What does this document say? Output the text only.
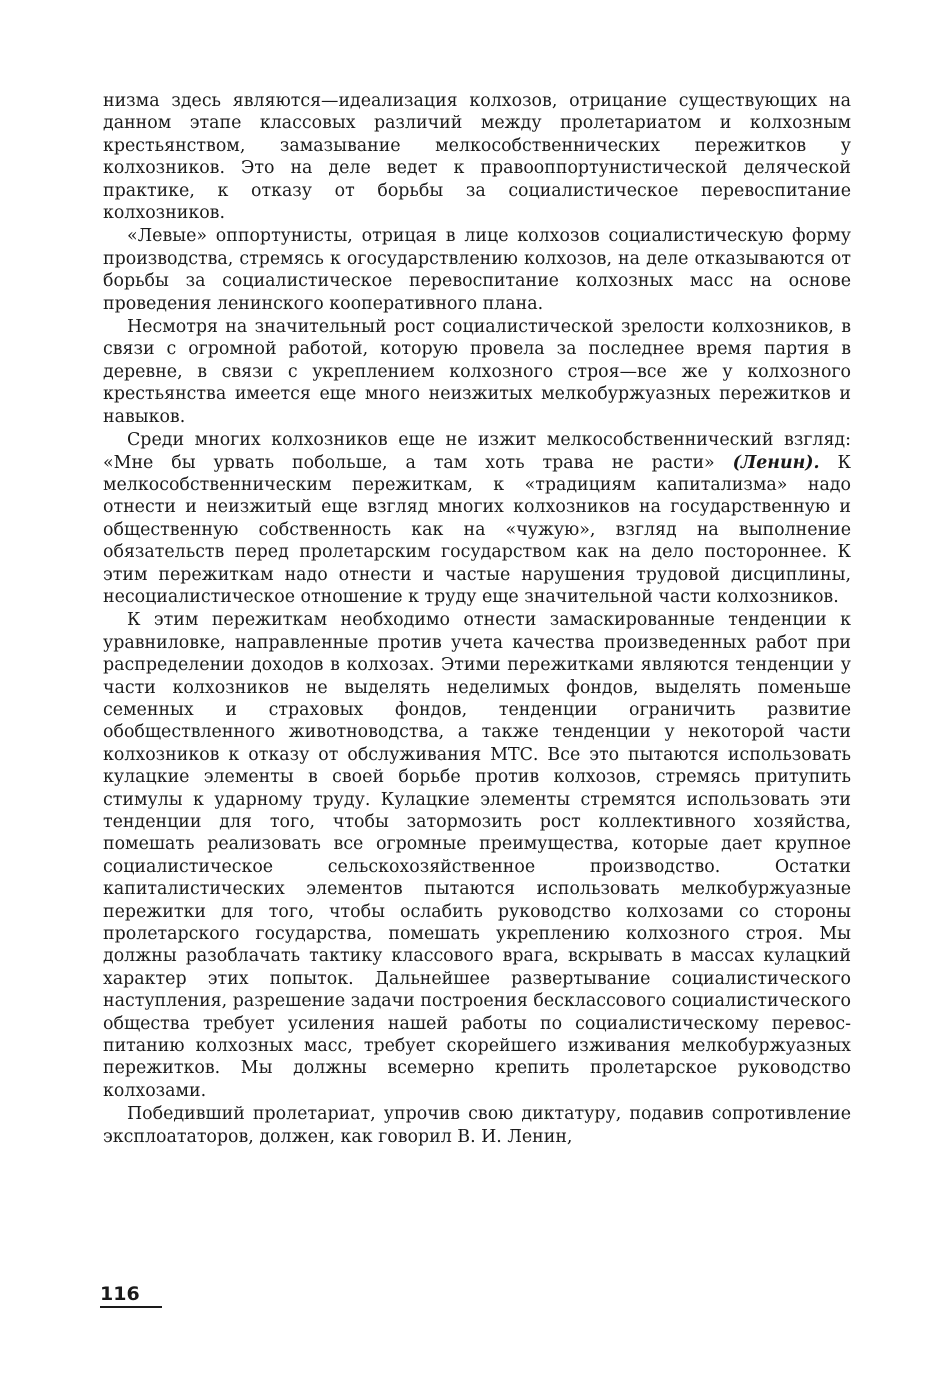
низма здесь являются—идеализация колхозов, отрицание существующих на данном этапе классовых различий между пролетариатом и колхозным крестьянством, замазывание мелкособственнических пережитков у колхозников. Это на деле ведет к правооппортунистической деляческой практике, к отказу от борьбы за социалистическое перевоспитание колхозников.

«Левые» оппортунисты, отрицая в лице колхозов социалистическую форму производства, стремясь к огосударствлению колхозов, на деле отказываются от борьбы за социалистическое перевоспитание колхозных масс на основе проведения ленинского кооперативного плана.

Несмотря на значительный рост социалистической зрелости колхозников, в связи с огромной работой, которую провела за последнее время партия в деревне, в связи с укреплением колхозного строя—все же у колхозного крестьянства имеется еще много неизжитых мелкобуржуазных пережитков и навыков.

Среди многих колхозников еще не изжит мелкособственнический взгляд: «Мне бы урвать побольше, а там хоть трава не расти» (Ленин). К мелкособственническим пережиткам, к «традициям капитализма» надо отнести и неизжитый еще взгляд многих колхозников на государственную и общественную собственность как на «чужую», взгляд на выполнение обязательств перед пролетарским государством как на дело постороннее. К этим пережиткам надо отнести и частые нарушения трудовой дисциплины, несоциалистическое отношение к труду еще значительной части колхозников.

К этим пережиткам необходимо отнести замаскированные тенденции к уравниловке, направленные против учета качества произведенных работ при распределении доходов в колхозах. Этими пережитками являются тенденции у части колхозников не выделять неделимых фондов, выделять поменьше семенных и страховых фондов, тенденции ограничить развитие обобществленного животноводства, а также тенденции у некоторой части колхозников к отказу от обслуживания МТС. Все это пытаются использовать кулацкие элементы в своей борьбе против колхозов, стремясь притупить стимулы к ударному труду. Кулацкие элементы стремятся использовать эти тенденции для того, чтобы затормозить рост коллективного хозяйства, помешать реализовать все огромные преимущества, которые дает крупное социалистическое сельскохозяйственное производство. Остатки капиталистических элементов пытаются использовать мелкобуржуазные пережитки для того, чтобы ослабить руководство колхозами со стороны пролетарского государства, помешать укреплению колхозного строя. Мы должны разоблачать тактику классового врага, вскрывать в массах кулацкий характер этих попыток. Дальнейшее развертывание социалистического наступления, разрешение задачи построения бесклассового социалистического общества требует усиления нашей работы по социалистическому перевоспитанию колхозных масс, требует скорейшего изживания мелкобуржуазных пережитков. Мы должны всемерно крепить пролетарское руководство колхозами.

Победивший пролетариат, упрочив свою диктатуру, подавив сопротивление эксплоататоров, должен, как говорил В. И. Ленин,

116
